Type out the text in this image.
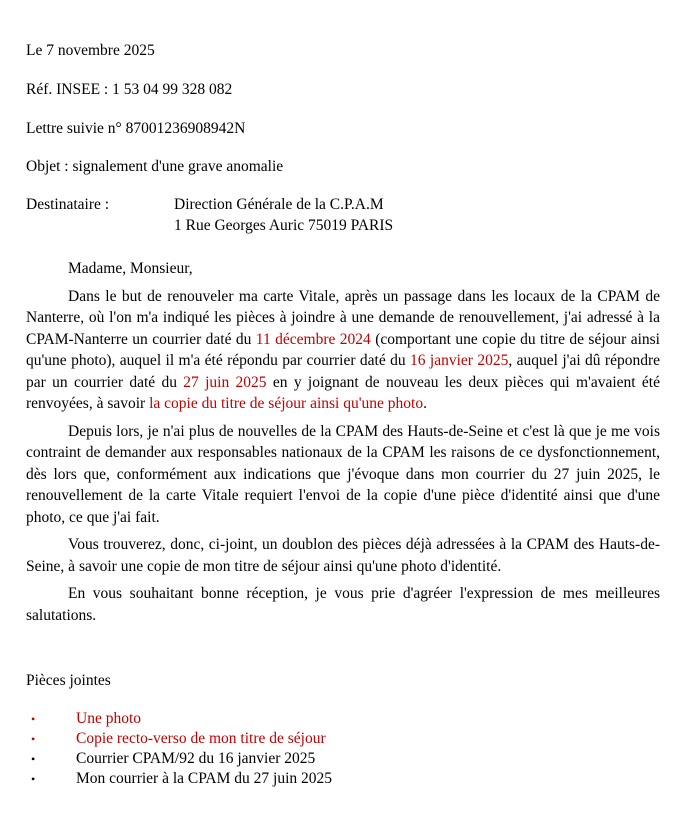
Le 7 novembre 2025
Réf. INSEE : 1 53 04 99 328 082
Lettre suivie n° 87001236908942N
Objet : signalement d'une grave anomalie
Destinataire :	Direction Générale de la C.P.A.M
1 Rue Georges Auric 75019 PARIS

Madame, Monsieur,

Dans le but de renouveler ma carte Vitale, après un passage dans les locaux de la CPAM de Nanterre, où l'on m'a indiqué les pièces à joindre à une demande de renouvellement, j'ai adressé à la CPAM-Nanterre un courrier daté du 11 décembre 2024 (comportant une copie du titre de séjour ainsi qu'une photo), auquel il m'a été répondu par courrier daté du 16 janvier 2025, auquel j'ai dû répondre par un courrier daté du 27 juin 2025 en y joignant de nouveau les deux pièces qui m'avaient été renvoyées, à savoir la copie du titre de séjour ainsi qu'une photo.

Depuis lors, je n'ai plus de nouvelles de la CPAM des Hauts-de-Seine et c'est là que je me vois contraint de demander aux responsables nationaux de la CPAM les raisons de ce dysfonctionnement, dès lors que, conformément aux indications que j'évoque dans mon courrier du 27 juin 2025, le renouvellement de la carte Vitale requiert l'envoi de la copie d'une pièce d'identité ainsi que d'une photo, ce que j'ai fait.

Vous trouverez, donc, ci-joint, un doublon des pièces déjà adressées à la CPAM des Hauts-de-Seine, à savoir une copie de mon titre de séjour ainsi qu'une photo d'identité.

En vous souhaitant bonne réception, je vous prie d'agréer l'expression de mes meilleures salutations.

Pièces jointes
•	Une photo
•	Copie recto-verso de mon titre de séjour
•	Courrier CPAM/92 du 16 janvier 2025
•	Mon courrier à la CPAM du 27 juin 2025
